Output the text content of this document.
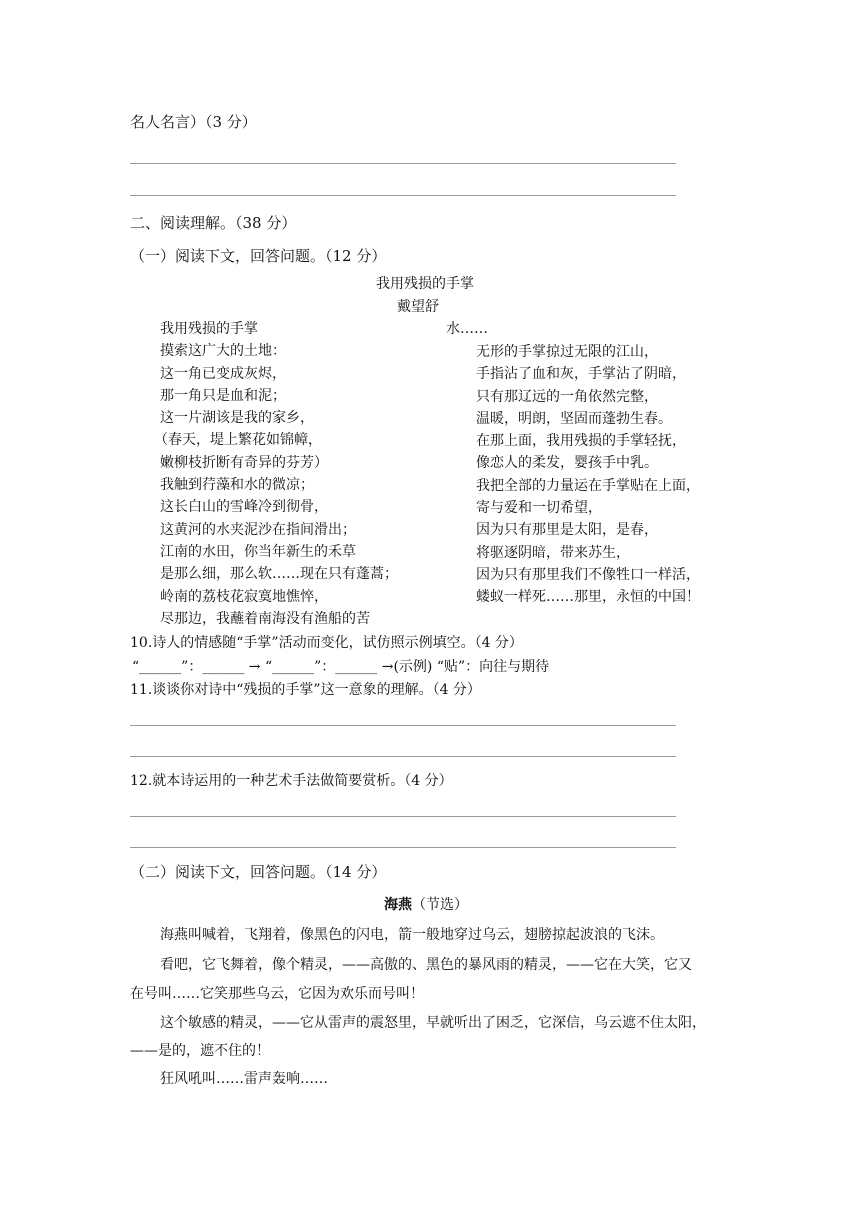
名人名言）（3 分）
二、阅读理解。（38 分）
（一）阅读下文，回答问题。（12 分）
我用残损的手掌
戴望舒
我用残损的手掌
摸索这广大的土地：
这一角已变成灰烬，
那一角只是血和泥；
这一片湖该是我的家乡，
（春天，堤上繁花如锦幛，
嫩柳枝折断有奇异的芬芳）
我触到荇藻和水的微凉；
这长白山的雪峰冷到彻骨，
这黄河的水夹泥沙在指间滑出；
江南的水田，你当年新生的禾草
是那么细，那么软……现在只有蓬蒿；
岭南的荔枝花寂寞地憔悴，
尽那边，我蘸着南海没有渔船的苦
水……
无形的手掌掠过无限的江山，
手指沾了血和灰，手掌沾了阴暗，
只有那辽远的一角依然完整，
温暖，明朗，坚固而蓬勃生春。
在那上面，我用残损的手掌轻抚，
像恋人的柔发，婴孩手中乳。
我把全部的力量运在手掌贴在上面，
寄与爱和一切希望，
因为只有那里是太阳，是春，
将驱逐阴暗，带来苏生，
因为只有那里我们不像牲口一样活，
蝼蚁一样死……那里，永恒的中国！
10.诗人的情感随“手掌”活动而变化，试仿照示例填空。（4 分）
“______”：______ → “______”：______ →(示例) “贴”：向往与期待
11.谈谈你对诗中“残损的手掌”这一意象的理解。（4 分）
12.就本诗运用的一种艺术手法做简要赏析。（4 分）
（二）阅读下文，回答问题。（14 分）
海燕（节选）
海燕叫喊着，飞翔着，像黑色的闪电，箭一般地穿过乌云，翅膀掠起波浪的飞沫。
看吧，它飞舞着，像个精灵，——高傲的、黑色的暴风雨的精灵，——它在大笑，它又
在号叫……它笑那些乌云，它因为欢乐而号叫！
这个敏感的精灵，——它从雷声的震怒里，早就听出了困乏，它深信，乌云遮不住太阳，
——是的，遮不住的！
狂风吼叫……雷声轰响……
